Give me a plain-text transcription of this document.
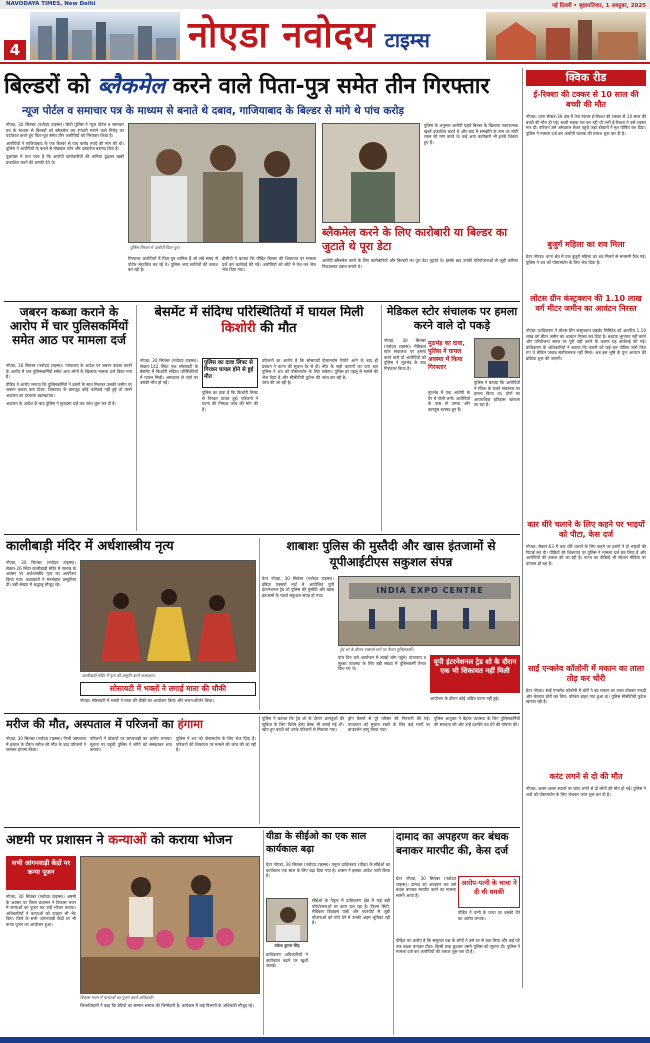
NAVODAYA TIMES, New Delhi	नई दिल्ली • बृहस्पतिवार, 1 अक्टूबर, 2025
4	नोएडा नवोदय टाइम्स
बिल्डरों को ब्लैकमेल करने वाले पिता-पुत्र समेत तीन गिरफ्तार
न्यूज पोर्टल व समाचार पत्र के माध्यम से बनाते थे दबाव, गाजियाबाद के बिल्डर से मांगे थे पांच करोड़

नोएडा, 30 सितंबर (नवोदय टाइम्स)। सिटी पुलिस ने न्यूज पोर्टल व समाचार पत्र के माध्यम से बिल्डरों को ब्लैकमेल कर रंगदारी मांगने वाले गिरोह का पर्दाफाश करते हुए पिता-पुत्र समेत तीन आरोपियों को गिरफ्तार किया है।

आरोपियों ने गाजियाबाद के एक बिल्डर से पांच करोड़ रुपये की मांग की थी। पुलिस ने आरोपियों के कब्जे से मोबाइल फोन और दस्तावेज बरामद किए हैं।

पूछताछ में पता चला है कि आरोपी कारोबारियों की कमियां ढूंढकर खबरें प्रकाशित करने की धमकी देते थे।

पुलिस गिरफ्त में आरोपी पिता-पुत्र।

गिरफ्तार आरोपियों में पिता-पुत्र शामिल हैं जो लंबे समय से पोर्टल संचालित कर रहे थे। पुलिस अन्य साथियों की तलाश कर रही है।

डीसीपी ने बताया कि पीड़ित बिल्डर की शिकायत पर मामला दर्ज कर कार्रवाई की गई। आरोपियों को कोर्ट में पेश कर जेल भेज दिया गया।

पुलिस के अनुसार आरोपी पहले बिल्डर के खिलाफ नकारात्मक खबरें प्रकाशित करते थे और बाद में समझौते के नाम पर मोटी रकम की मांग करते थे। कई अन्य कारोबारी भी इनके शिकार हुए हैं।

ब्लैकमेल करने के लिए कारोबारी या बिल्डर का जुटाते थे पूरा डेटा

आरोपी ब्लैकमेल करने के लिए कारोबारियों और बिल्डरों का पूरा डेटा जुटाते थे। इसके बाद उनकी परियोजनाओं से जुड़ी कमियां निकालकर दबाव बनाते थे।

क्विक रीड
ई-रिक्शा की टक्कर से 10 साल की बच्ची की मौत

नोएडा। थाना सेक्टर-39 क्षेत्र में तेज रफ्तार ई-रिक्शा की टक्कर से 10 साल की बच्ची की मौत हो गई। बच्ची सड़क पार कर रही थी तभी ई-रिक्शा ने उसे टक्कर मार दी। परिजन उसे अस्पताल लेकर पहुंचे जहां डॉक्टरों ने मृत घोषित कर दिया। पुलिस ने मामला दर्ज कर आरोपी चालक की तलाश शुरू कर दी है।

बुजुर्ग महिला का शव मिला

ग्रेटर नोएडा। थाना क्षेत्र में एक बुजुर्ग महिला का शव मिलने से सनसनी फैल गई। पुलिस ने शव को पोस्टमार्टम के लिए भेज दिया है।

लोटस ग्रीन कंस्ट्रक्शन की 1.10 लाख वर्ग मीटर जमीन का आवंटन निरस्त

नोएडा। प्राधिकरण ने लोटस ग्रीन कंस्ट्रक्शन प्राइवेट लिमिटेड को आवंटित 1.10 लाख वर्ग मीटर जमीन का आवंटन निरस्त कर दिया है। बकाया भुगतान नहीं करने और परियोजना समय पर पूरी नहीं करने के कारण यह कार्रवाई की गई। प्राधिकरण के अधिकारियों ने बताया कि कंपनी को कई बार नोटिस जारी किए गए थे लेकिन जवाब संतोषजनक नहीं मिला। अब इस भूमि के पुनः आवंटन की प्रक्रिया शुरू की जाएगी।

कार धीरे चलाने के लिए कहने पर भाइयों को पीटा, केस दर्ज

नोएडा। सेक्टर-63 में कार धीरे चलाने के लिए कहने पर दबंगों ने दो भाइयों की पिटाई कर दी। पीड़ितों की शिकायत पर पुलिस ने मामला दर्ज कर लिया है और आरोपियों की तलाश की जा रही है। घटना का वीडियो भी सोशल मीडिया पर वायरल हो रहा है।

साईं एन्क्लेव कॉलोनी में मकान का ताला तोड़ कर चोरी

ग्रेटर नोएडा। साईं एन्क्लेव कॉलोनी में चोरों ने बंद मकान का ताला तोड़कर नकदी और जेवरात चोरी कर लिए। परिवार बाहर गया हुआ था। पुलिस सीसीटीवी फुटेज खंगाल रही है।

करंट लगने से दो की मौत

नोएडा। अलग-अलग स्थानों पर करंट लगने से दो लोगों की मौत हो गई। पुलिस ने शवों को पोस्टमार्टम के लिए भेजकर जांच शुरू कर दी है।

जबरन कब्जा कराने के आरोप में चार पुलिसकर्मियों समेत आठ पर मामला दर्ज

नोएडा, 30 सितंबर (नवोदय टाइम्स)। न्यायालय के आदेश पर जबरन कब्जा कराने के आरोप में चार पुलिसकर्मियों समेत आठ लोगों के खिलाफ मामला दर्ज किया गया है।

पीड़ित ने आरोप लगाया कि पुलिसकर्मियों ने दबंगों के साथ मिलकर उसकी जमीन पर जबरन कब्जा करा दिया। शिकायत के बावजूद कोई कार्रवाई नहीं हुई तो उसने अदालत का दरवाजा खटखटाया।

अदालत के आदेश के बाद पुलिस ने मुकदमा दर्ज कर जांच शुरू कर दी है।

बेसमेंट में संदिग्ध परिस्थितियों में घायल मिली किशोरी की मौत

नोएडा, 30 सितंबर (नवोदय टाइम्स)। सेक्टर-142 स्थित एक सोसायटी के बेसमेंट में किशोरी संदिग्ध परिस्थितियों में घायल मिली। अस्पताल ले जाने पर उसकी मौत हो गई।

पुलिस का दावा लिफ्ट से गिरकर घायल होने से हुई मौत

पुलिस का दावा है कि किशोरी लिफ्ट से गिरकर घायल हुई। परिजनों ने घटना की निष्पक्ष जांच की मांग की है।

परिजनों का आरोप है कि सोसायटी प्रबंधन ने घटना की सूचना देर से दी। पुलिस ने शव को पोस्टमार्टम के लिए भेज दिया है और सीसीटीवी फुटेज की जांच की जा रही है।

पोस्टमार्टम रिपोर्ट आने के बाद ही मौत के सही कारणों का पता चल सकेगा। पुलिस हर पहलू से मामले की जांच कर रही है।

मेडिकल स्टोर संचालक पर हमला करने वाले दो पकड़े

नोएडा, 30 सितंबर (नवोदय टाइम्स)। मेडिकल स्टोर संचालक पर हमला करने वाले दो आरोपियों को पुलिस ने मुठभेड़ के बाद गिरफ्तार किया है।

मुठभेड़ का दावा, पुलिस ने घायल अवस्था में किया गिरफ्तार

मुठभेड़ में एक आरोपी के पैर में गोली लगी। आरोपियों के पास से तमंचा और कारतूस बरामद हुए हैं।

पुलिस ने बताया कि आरोपियों ने रंजिश के चलते संचालक पर हमला किया था। दोनों का आपराधिक इतिहास खंगाला जा रहा है।

कालीबाड़ी मंदिर में अर्धशास्त्रीय नृत्य

नोएडा, 30 सितंबर (नवोदय टाइम्स)। सेक्टर-26 स्थित कालीबाड़ी मंदिर में नवरात्र के अवसर पर अर्धशास्त्रीय नृत्य का आयोजन किया गया। कलाकारों ने मनमोहक प्रस्तुतियां दीं। बड़ी संख्या में श्रद्धालु मौजूद रहे।

कालीबाड़ी मंदिर में नृत्य की प्रस्तुति करते कलाकार।
सोसायटी में भक्तों ने लगाई माता की चौकी

नोएडा। सोसायटी में भक्तों ने माता की चौकी का आयोजन किया और भजन-कीर्तन किया।

शाबाशः पुलिस की मुस्तैदी और खास इंतजामों से यूपीआईटीएस सकुशल संपन्न

ग्रेटर नोएडा, 30 सितंबर (नवोदय टाइम्स)। इंडिया एक्सपो मार्ट में आयोजित यूपी इंटरनेशनल ट्रेड शो पुलिस की मुस्तैदी और खास इंतजामों के चलते सकुशल संपन्न हो गया।

INDIA EXPO CENTRE
ट्रेड शो के दौरान एक्सपो मार्ट पर तैनात पुलिसकर्मी।

पांच दिन चले आयोजन में लाखों लोग पहुंचे। यातायात व सुरक्षा व्यवस्था के लिए बड़ी संख्या में पुलिसकर्मी तैनात किए गए थे।

यूपी इंटरनेशनल ट्रेड शो के दौरान एक भी शिकायत नहीं मिली

आयोजन के दौरान कोई अप्रिय घटना नहीं हुई।

मरीज की मौत, अस्पताल में परिजनों का हंगामा

नोएडा, 30 सितंबर (नवोदय टाइम्स)। निजी अस्पताल में इलाज के दौरान मरीज की मौत के बाद परिजनों ने जमकर हंगामा किया।

परिजनों ने डॉक्टरों पर लापरवाही का आरोप लगाया। सूचना पर पहुंची पुलिस ने लोगों को समझाकर शांत कराया।

पुलिस ने शव को पोस्टमार्टम के लिए भेज दिया है। परिजनों की शिकायत पर मामले की जांच की जा रही है।

पुलिस ने बताया कि ट्रेड शो के दौरान आगंतुकों की सुविधा के लिए विशेष हेल्प डेस्क भी बनाई गई थी। खोए हुए बच्चों को उनके परिजनों से मिलाया गया।

ड्रोन कैमरों से पूरे परिसर की निगरानी की गई। यातायात को सुचारु रखने के लिए कई मार्गों पर डायवर्जन लागू किया गया।

पुलिस आयुक्त ने बेहतर व्यवस्था के लिए पुलिसकर्मियों की सराहना की और उन्हें प्रशस्ति पत्र देने की घोषणा की।

अष्टमी पर प्रशासन ने कन्याओं को कराया भोजन
सभी आंगनवाड़ी केंद्रों पर कन्या पूजन

नोएडा, 30 सितंबर (नवोदय टाइम्स)। अष्टमी के अवसर पर जिला प्रशासन ने विकास भवन में कन्याओं का पूजन कर उन्हें भोजन कराया। अधिकारियों ने कन्याओं को उपहार भी भेंट किए। जिले के सभी आंगनवाड़ी केंद्रों पर भी कन्या पूजन का आयोजन हुआ।

विकास भवन में कन्याओं का पूजन करते अधिकारी।

जिलाधिकारी ने कहा कि बेटियों का सम्मान समाज की जिम्मेदारी है। कार्यक्रम में कई विभागों के अधिकारी मौजूद रहे।

यीडा के सीईओ का एक साल कार्यकाल बढ़ा

ग्रेटर नोएडा, 30 सितंबर (नवोदय टाइम्स)। यमुना प्राधिकरण (यीडा) के सीईओ का कार्यकाल एक साल के लिए बढ़ा दिया गया है। शासन ने इसका आदेश जारी किया है।

राकेश कुमार सिंह

सीईओ के नेतृत्व में प्राधिकरण क्षेत्र में कई बड़ी परियोजनाओं पर काम चल रहा है। फिल्म सिटी, मेडिकल डिवाइस पार्क और एयरपोर्ट से जुड़ी योजनाओं को गति देने में उनकी अहम भूमिका रही है।

प्राधिकरण अधिकारियों ने कार्यकाल बढ़ने पर खुशी जताई।

दामाद का अपहरण कर बंधक बनाकर मारपीट की, केस दर्ज

ग्रेटर नोएडा, 30 सितंबर (नवोदय टाइम्स)। दामाद का अपहरण कर उसे बंधक बनाकर मारपीट करने का मामला सामने आया है।

आरोप-पत्नी के चाचा ने दी थी धमकी

पीड़ित ने पत्नी के चाचा पर धमकी देने का आरोप लगाया।

पीड़ित का आरोप है कि ससुराल पक्ष के लोगों ने उसे घर से उठा लिया और कई घंटे तक बंधक बनाकर पीटा। किसी तरह छूटकर उसने पुलिस को सूचना दी। पुलिस ने मामला दर्ज कर आरोपियों की तलाश शुरू कर दी है।
